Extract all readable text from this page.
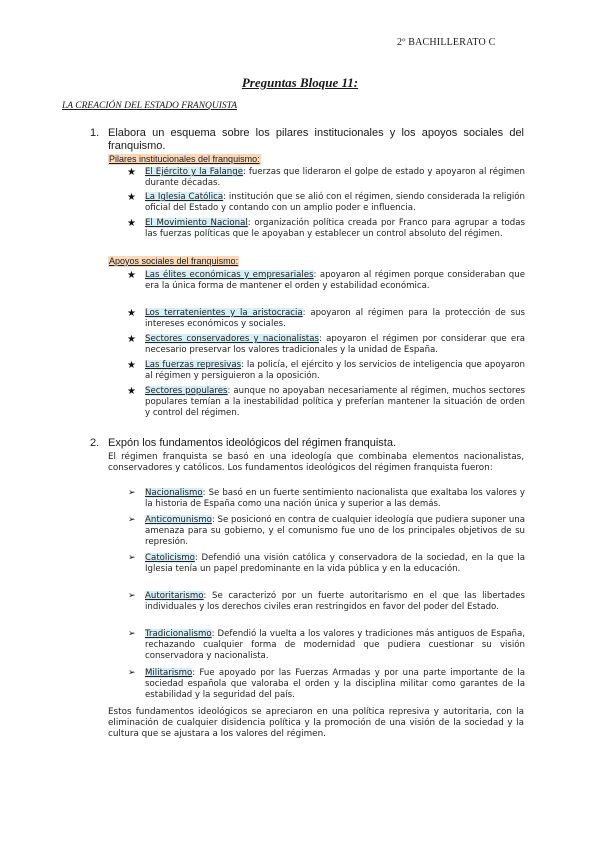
2º BACHILLERATO C
Preguntas Bloque 11:
LA CREACIÓN DEL ESTADO FRANQUISTA
1. Elabora un esquema sobre los pilares institucionales y los apoyos sociales del franquismo.
Pilares institucionales del franquismo:
★ El Ejército y la Falange: fuerzas que lideraron el golpe de estado y apoyaron al régimen durante décadas.
★ La Iglesia Católica: institución que se alió con el régimen, siendo considerada la religión oficial del Estado y contando con un amplio poder e influencia.
★ El Movimiento Nacional: organización política creada por Franco para agrupar a todas las fuerzas políticas que le apoyaban y establecer un control absoluto del régimen.
Apoyos sociales del franquismo:
★ Las élites económicas y empresariales: apoyaron al régimen porque consideraban que era la única forma de mantener el orden y estabilidad económica.
★ Los terratenientes y la aristocracia: apoyaron al régimen para la protección de sus intereses económicos y sociales.
★ Sectores conservadores y nacionalistas: apoyaron el régimen por considerar que era necesario preservar los valores tradicionales y la unidad de España.
★ Las fuerzas represivas: la policía, el ejército y los servicios de inteligencia que apoyaron al régimen y persiguieron a la oposición.
★ Sectores populares: aunque no apoyaban necesariamente al régimen, muchos sectores populares temían a la inestabilidad política y preferían mantener la situación de orden y control del régimen.
2. Expón los fundamentos ideológicos del régimen franquista.
El régimen franquista se basó en una ideología que combinaba elementos nacionalistas, conservadores y católicos. Los fundamentos ideológicos del régimen franquista fueron:
➢ Nacionalismo: Se basó en un fuerte sentimiento nacionalista que exaltaba los valores y la historia de España como una nación única y superior a las demás.
➢ Anticomunismo: Se posicionó en contra de cualquier ideología que pudiera suponer una amenaza para su gobierno, y el comunismo fue uno de los principales objetivos de su represión.
➢ Catolicismo: Defendió una visión católica y conservadora de la sociedad, en la que la Iglesia tenía un papel predominante en la vida pública y en la educación.
➢ Autoritarismo: Se caracterizó por un fuerte autoritarismo en el que las libertades individuales y los derechos civiles eran restringidos en favor del poder del Estado.
➢ Tradicionalismo: Defendió la vuelta a los valores y tradiciones más antiguos de España, rechazando cualquier forma de modernidad que pudiera cuestionar su visión conservadora y nacionalista.
➢ Militarismo: Fue apoyado por las Fuerzas Armadas y por una parte importante de la sociedad española que valoraba el orden y la disciplina militar como garantes de la estabilidad y la seguridad del país.
Estos fundamentos ideológicos se apreciaron en una política represiva y autoritaria, con la eliminación de cualquier disidencia política y la promoción de una visión de la sociedad y la cultura que se ajustara a los valores del régimen.
